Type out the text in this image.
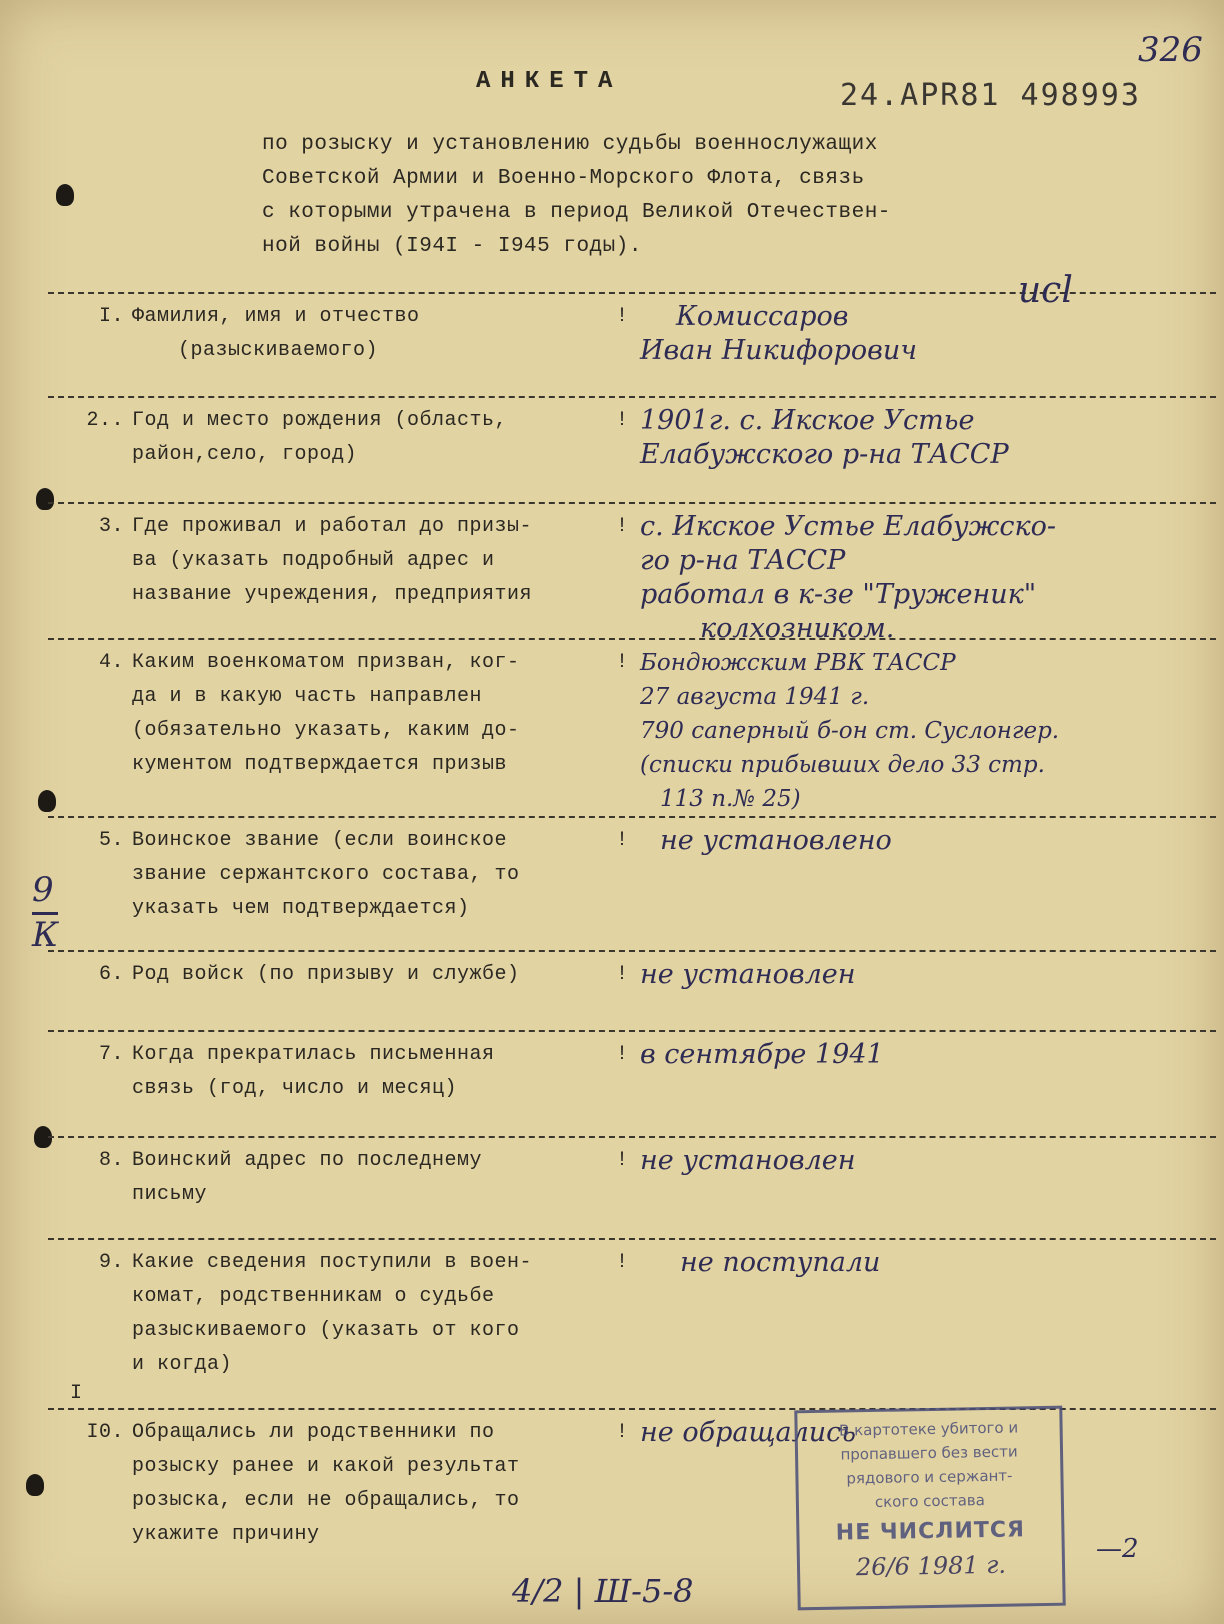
АНКЕТА	24.APR81 498993
326
по розыску и установлению судьбы военнослужащих
Советской Армии и Военно-Морского Флота, связь
с которыми утрачена в период Великой Отечествен-
ной войны (I94I - I945 годы).
I. Фамилия, имя и отчество
(разыскиваемого)
!	Комиссаров
Иван Никифорович
2.. Год и место рождения (область,
район,село, город)
! 1901г. с. Икское Устье
Елабужского р-на ТАССР
3. Где проживал и работал до призы-
ва (указать подробный адрес и
название учреждения, предприятия
! с. Икское Устье Елабужско-
го р-на ТАССР
работал в к-зе "Труженик"
колхозником.
4. Каким военкоматом призван, ког-
да и в какую часть направлен
(обязательно указать, каким до-
кументом подтверждается призыв
! Бондюжским РВК ТАССР
27 августа 1941 г.
790 саперный б-он ст. Суслонгер.
(списки прибывших дело 33 стр.
113 п.№ 25)
5. Воинское звание (если воинское
звание сержантского состава, то
указать чем подтверждается)
!	не установлено
6. Род войск (по призыву и службе)	! не установлен
7. Когда прекратилась письменная
связь (год, число и месяц)
! в сентябре 1941
8. Воинский адрес по последнему
письму
! не установлен
9. Какие сведения поступили в воен-
комат, родственникам о судьбе
разыскиваемого (указать от кого
и когда)
I
!	не поступали
I0. Обращались ли родственники по
розыску ранее и какой результат
розыска, если не обращались, то
укажите причину
! не обращались
В картотеке убитого и
пропавшего без вести
рядового и сержант-
ского состава
НЕ ЧИСЛИТСЯ
26/6 1981 г.
9
К
4/2 | Ш-5-8
—2
ucl
